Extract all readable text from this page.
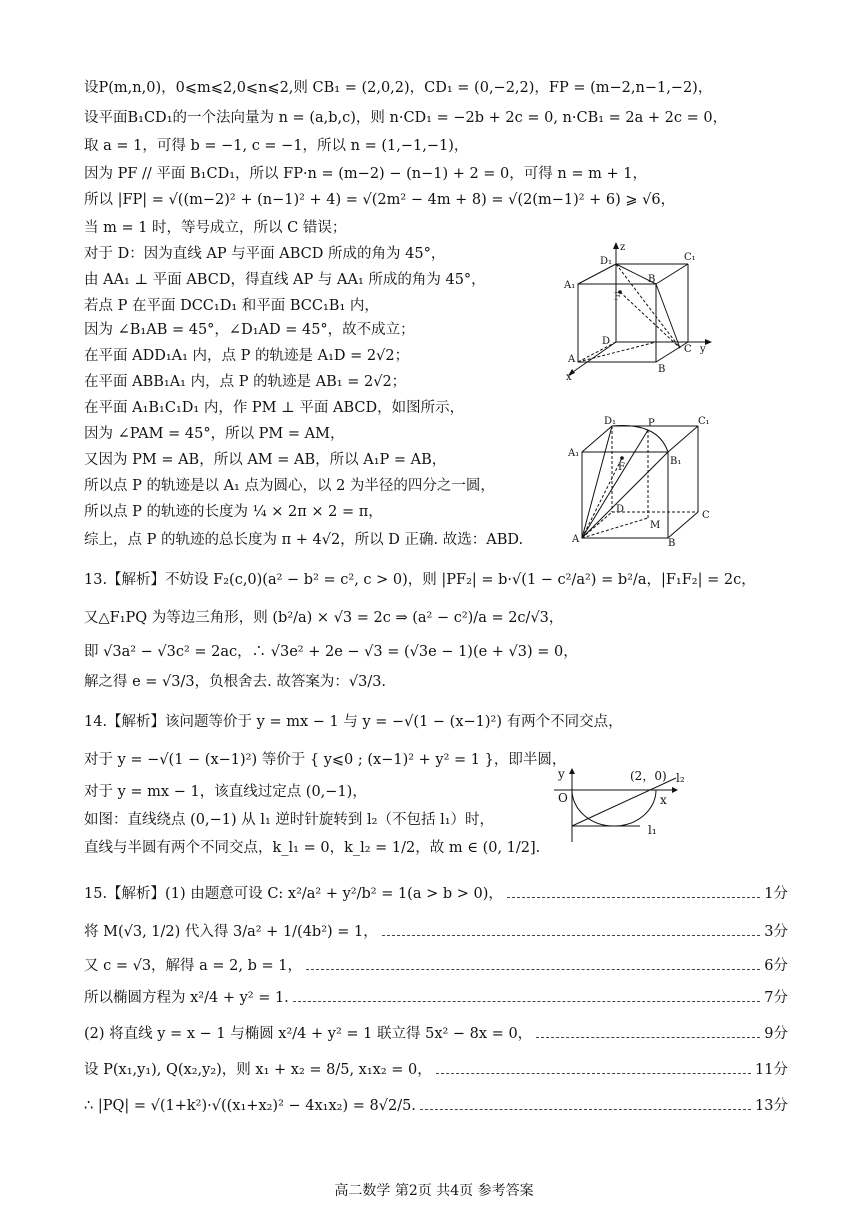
设P(m,n,0)，0⩽m⩽2,0⩽n⩽2,则 CB₁ = (2,0,2)，CD₁ = (0,−2,2)，FP = (m−2,n−1,−2)，
设平面B₁CD₁的一个法向量为 n = (a,b,c)，则 n·CD₁ = −2b + 2c = 0, n·CB₁ = 2a + 2c = 0，
取 a = 1，可得 b = −1, c = −1，所以 n = (1,−1,−1)，
因为 PF // 平面 B₁CD₁，所以 FP·n = (m−2) − (n−1) + 2 = 0，可得 n = m + 1，
所以 |FP| = √((m−2)² + (n−1)² + 4) = √(2m² − 4m + 8) = √(2(m−1)² + 6) ⩾ √6，
当 m = 1 时，等号成立，所以 C 错误；
对于 D：因为直线 AP 与平面 ABCD 所成的角为 45°，
由 AA₁ ⊥ 平面 ABCD，得直线 AP 与 AA₁ 所成的角为 45°，
若点 P 在平面 DCC₁D₁ 和平面 BCC₁B₁ 内，
因为 ∠B₁AB = 45°，∠D₁AD = 45°，故不成立；
在平面 ADD₁A₁ 内，点 P 的轨迹是 A₁D = 2√2；
在平面 ABB₁A₁ 内，点 P 的轨迹是 AB₁ = 2√2；
在平面 A₁B₁C₁D₁ 内，作 PM ⊥ 平面 ABCD，如图所示，
因为 ∠PAM = 45°，所以 PM = AM，
又因为 PM = AB，所以 AM = AB，所以 A₁P = AB，
所以点 P 的轨迹是以 A₁ 点为圆心，以 2 为半径的四分之一圆，
所以点 P 的轨迹的长度为 ¼ × 2π × 2 = π，
综上，点 P 的轨迹的总长度为 π + 4√2，所以 D 正确. 故选：ABD.
z
D₁	C₁
B
A₁
F
D
C y
A
B
x
D₁	P	C₁
A₁
F
B₁
D
M
C
A	B
13.【解析】不妨设 F₂(c,0)(a² − b² = c², c > 0)，则 |PF₂| = b·√(1 − c²/a²) = b²/a，|F₁F₂| = 2c，
又△F₁PQ 为等边三角形，则 (b²/a) × √3 = 2c ⇒ (a² − c²)/a = 2c/√3，
即 √3a² − √3c² = 2ac，∴ √3e² + 2e − √3 = (√3e − 1)(e + √3) = 0，
解之得 e = √3/3，负根舍去. 故答案为：√3/3.
14.【解析】该问题等价于 y = mx − 1 与 y = −√(1 − (x−1)²) 有两个不同交点，
对于 y = −√(1 − (x−1)²) 等价于 { y⩽0 ; (x−1)² + y² = 1 }，即半圆，
对于 y = mx − 1，该直线过定点 (0,−1)，
如图：直线绕点 (0,−1) 从 l₁ 逆时针旋转到 l₂（不包括 l₁）时，
直线与半圆有两个不同交点，k_l₁ = 0，k_l₂ = 1/2，故 m ∈ (0, 1/2].
y	(2，0) l₂
O	x
l₁
15.【解析】(1) 由题意可设 C: x²/a² + y²/b² = 1(a > b > 0)，	1分
将 M(√3, 1/2) 代入得 3/a² + 1/(4b²) = 1，	3分
又 c = √3，解得 a = 2, b = 1，	6分
所以椭圆方程为 x²/4 + y² = 1.	7分
(2) 将直线 y = x − 1 与椭圆 x²/4 + y² = 1 联立得 5x² − 8x = 0，	9分
设 P(x₁,y₁), Q(x₂,y₂)，则 x₁ + x₂ = 8/5, x₁x₂ = 0，	11分
∴ |PQ| = √(1+k²)·√((x₁+x₂)² − 4x₁x₂) = 8√2/5.	13分
高二数学 第2页 共4页 参考答案
